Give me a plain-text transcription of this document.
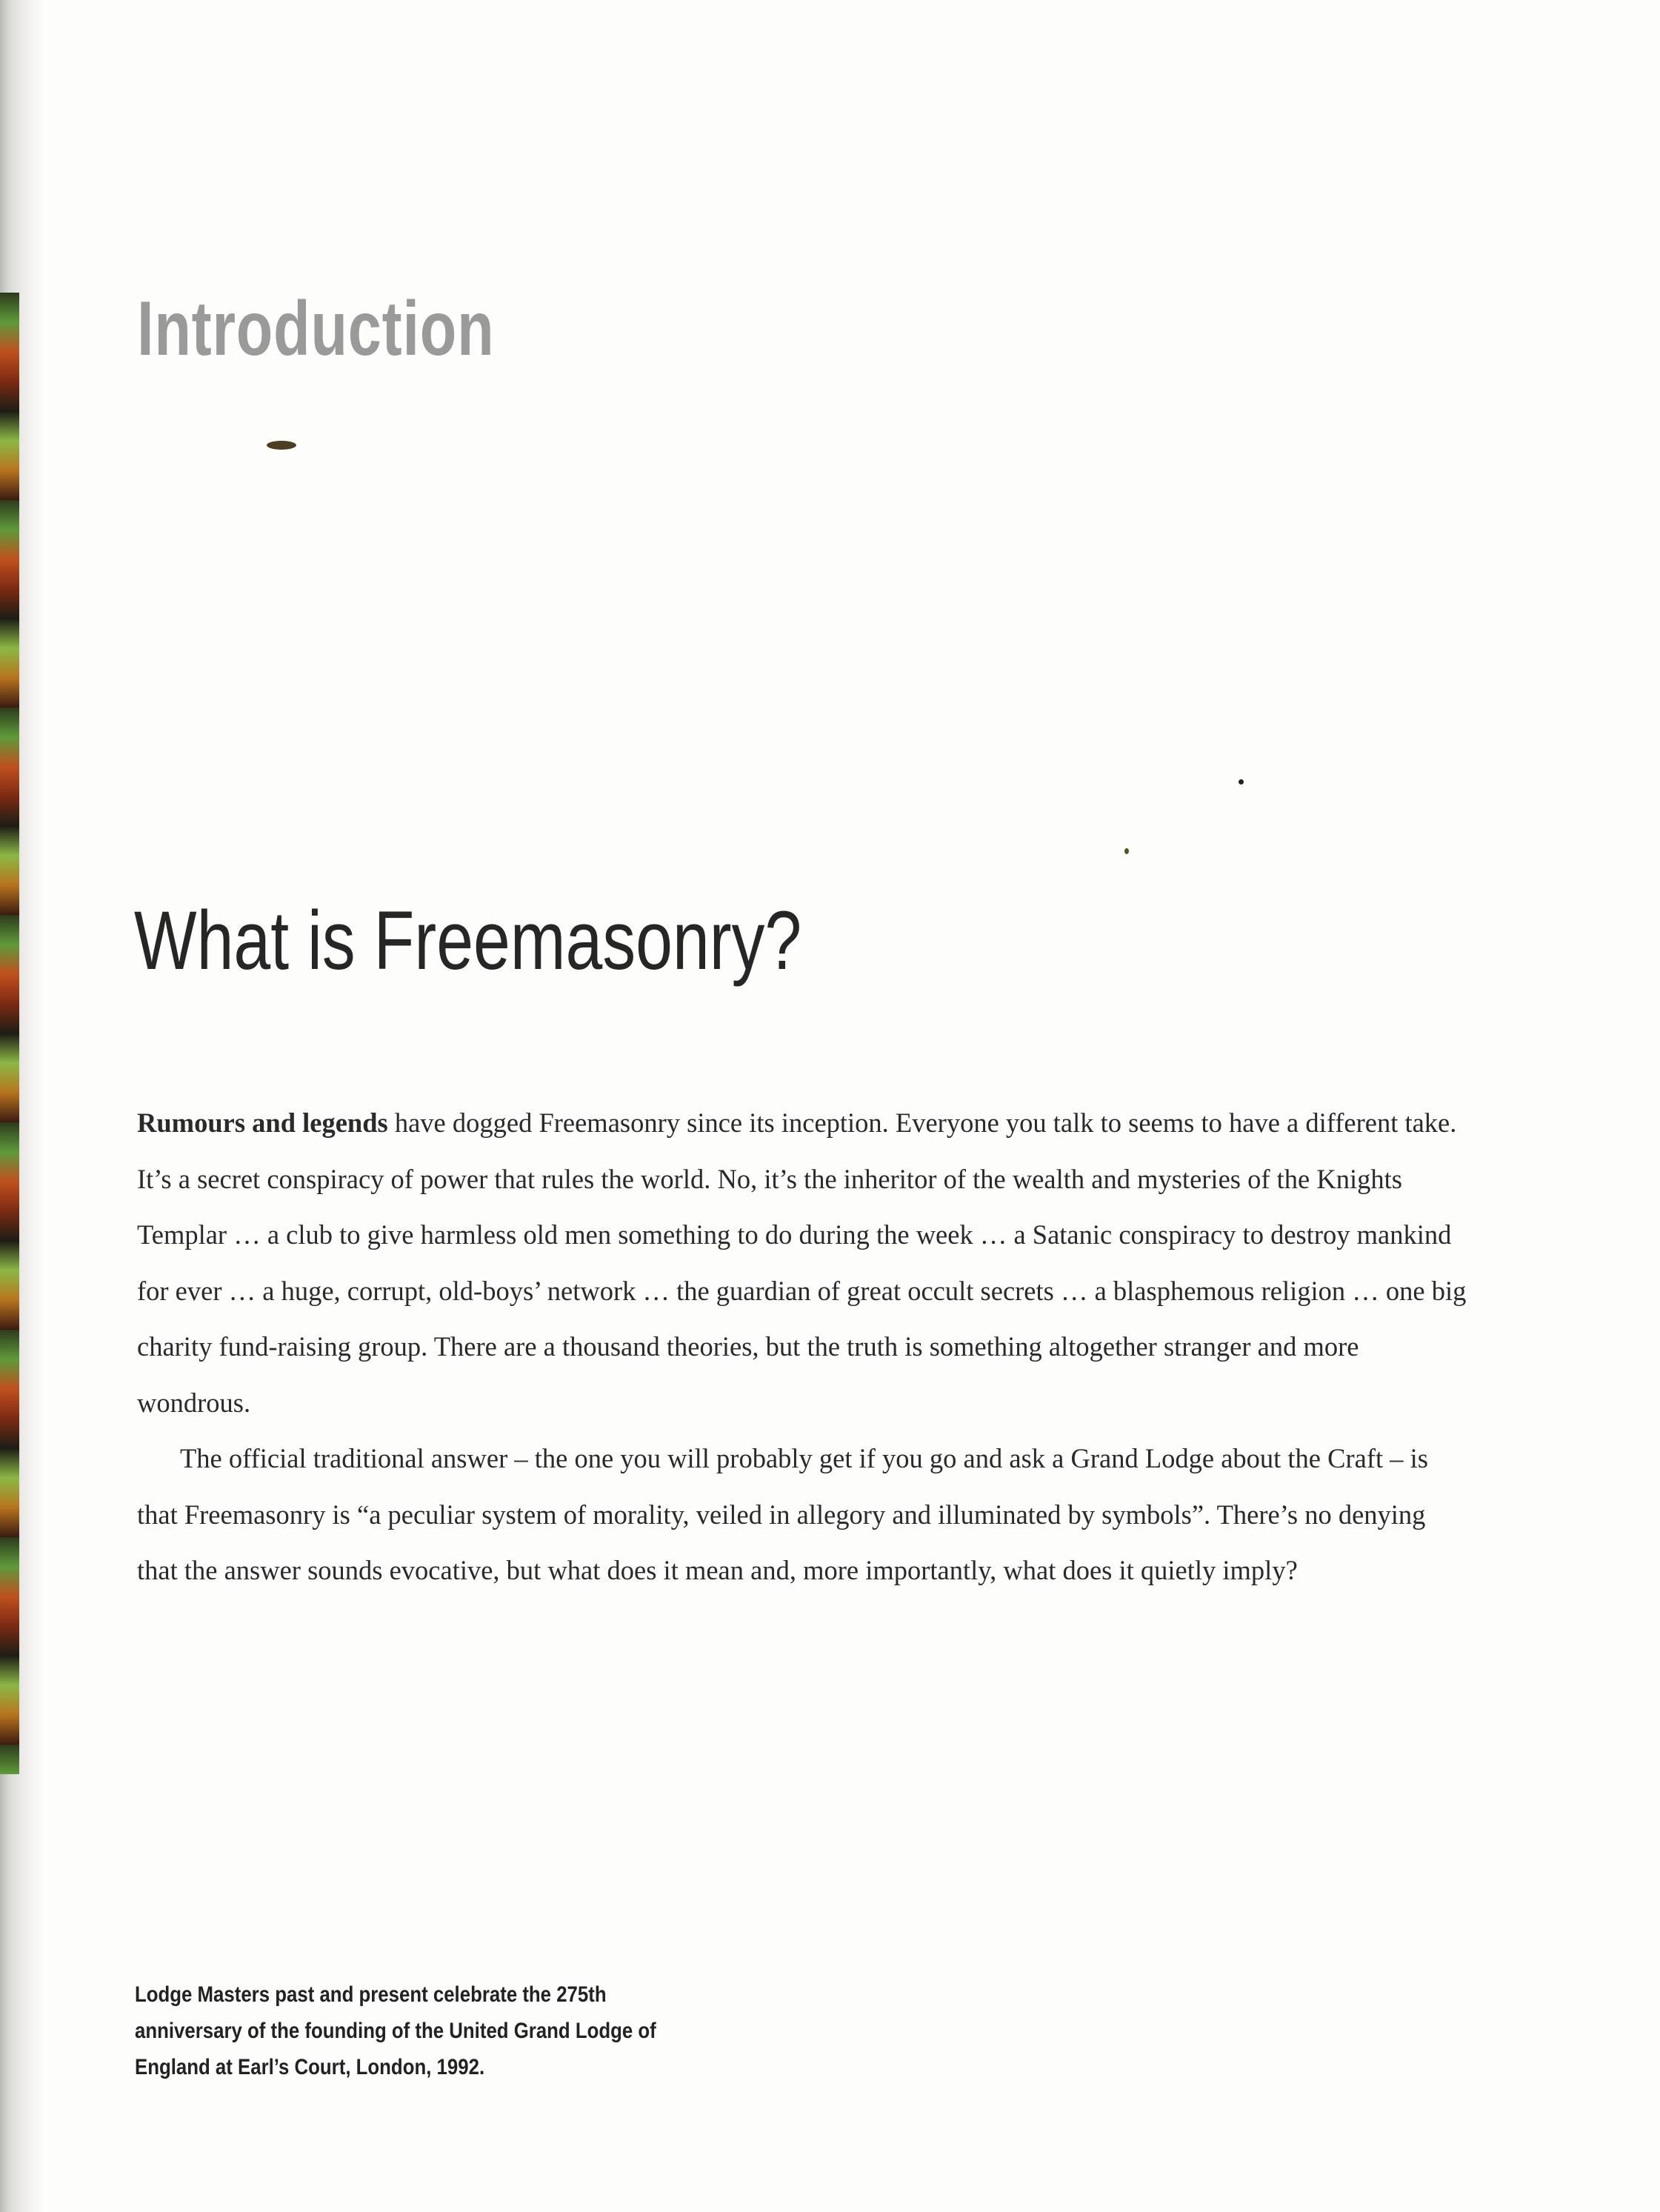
Introduction
What is Freemasonry?

Rumours and legends have dogged Freemasonry since its inception. Everyone you talk to seems to have a different take. It’s a secret conspiracy of power that rules the world. No, it’s the inheritor of the wealth and mysteries of the Knights Templar … a club to give harmless old men something to do during the week … a Satanic conspiracy to destroy mankind for ever … a huge, corrupt, old-boys’ network … the guardian of great occult secrets … a blasphemous religion … one big charity fund-raising group. There are a thousand theories, but the truth is something altogether stranger and more wondrous.

The official traditional answer – the one you will probably get if you go and ask a Grand Lodge about the Craft – is that Freemasonry is “a peculiar system of morality, veiled in allegory and illuminated by symbols”. There’s no denying that the answer sounds evocative, but what does it mean and, more importantly, what does it quietly imply?

Lodge Masters past and present celebrate the 275th anniversary of the founding of the United Grand Lodge of England at Earl’s Court, London, 1992.
